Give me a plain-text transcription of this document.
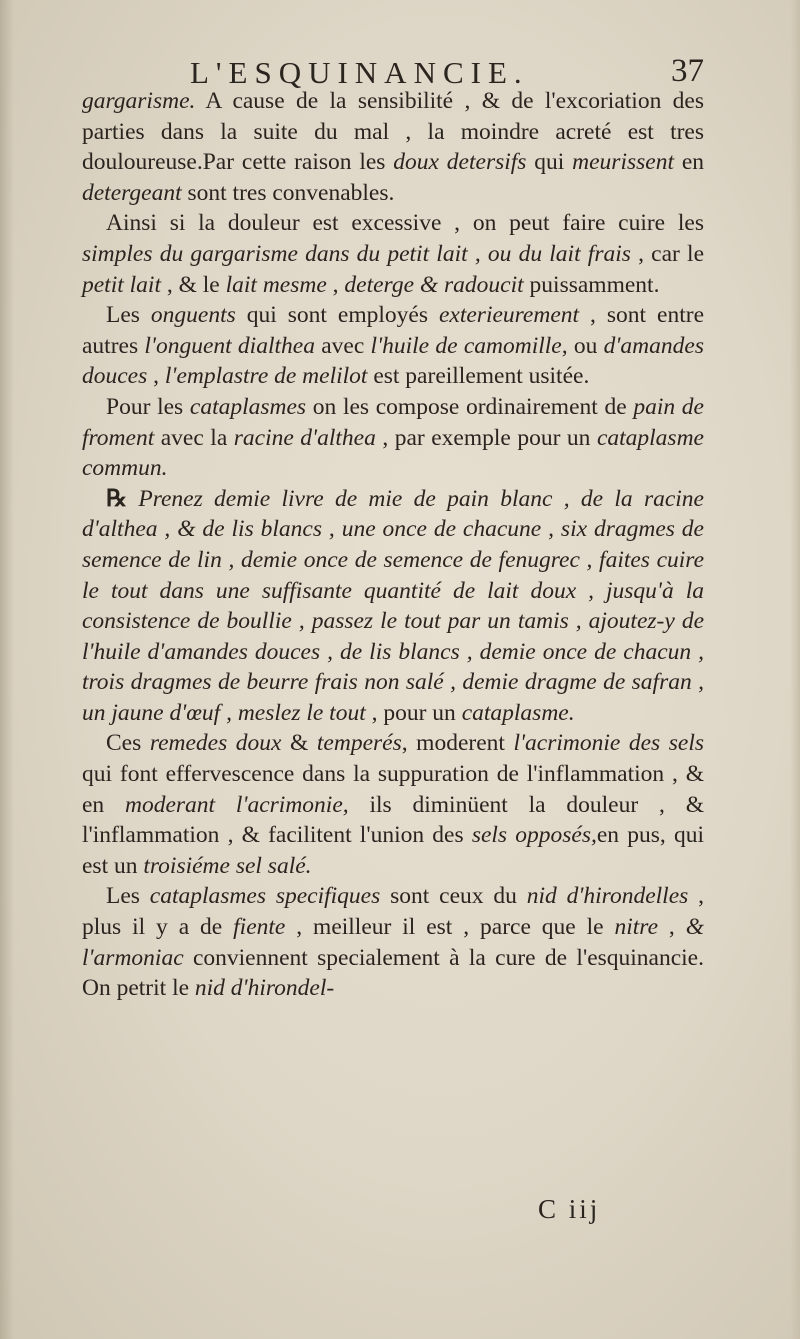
L'ESQUINANCIE.	37

gargarisme. A cause de la sensibilité , & de l'excoriation des parties dans la suite du mal , la moindre acreté est tres douloureuse.Par cette raison les doux detersifs qui meurissent en detergeant sont tres convenables.

Ainsi si la douleur est excessive , on peut faire cuire les simples du gargarisme dans du petit lait , ou du lait frais , car le petit lait , & le lait mesme , deterge & radoucit puissamment.

Les onguents qui sont employés exterieurement , sont entre autres l'onguent dialthea avec l'huile de camomille, ou d'amandes douces , l'emplastre de melilot est pareillement usitée.

Pour les cataplasmes on les compose ordinairement de pain de froment avec la racine d'althea , par exemple pour un cataplasme commun.

℞ Prenez demie livre de mie de pain blanc , de la racine d'althea , & de lis blancs , une once de chacune , six dragmes de semence de lin , demie once de semence de fenugrec , faites cuire le tout dans une suffisante quantité de lait doux , jusqu'à la consistence de boullie , passez le tout par un tamis , ajoutez-y de l'huile d'amandes douces , de lis blancs , demie once de chacun , trois dragmes de beurre frais non salé , demie dragme de safran , un jaune d'œuf , meslez le tout , pour un cataplasme.

Ces remedes doux & temperés, moderent l'acrimonie des sels qui font effervescence dans la suppuration de l'inflammation , & en moderant l'acrimonie, ils diminüent la douleur , & l'inflammation , & facilitent l'union des sels opposés,en pus, qui est un troisiéme sel salé.

Les cataplasmes specifiques sont ceux du nid d'hirondelles , plus il y a de fiente , meilleur il est , parce que le nitre , & l'armoniac conviennent specialement à la cure de l'esquinancie. On petrit le nid d'hirondel-

C iij
